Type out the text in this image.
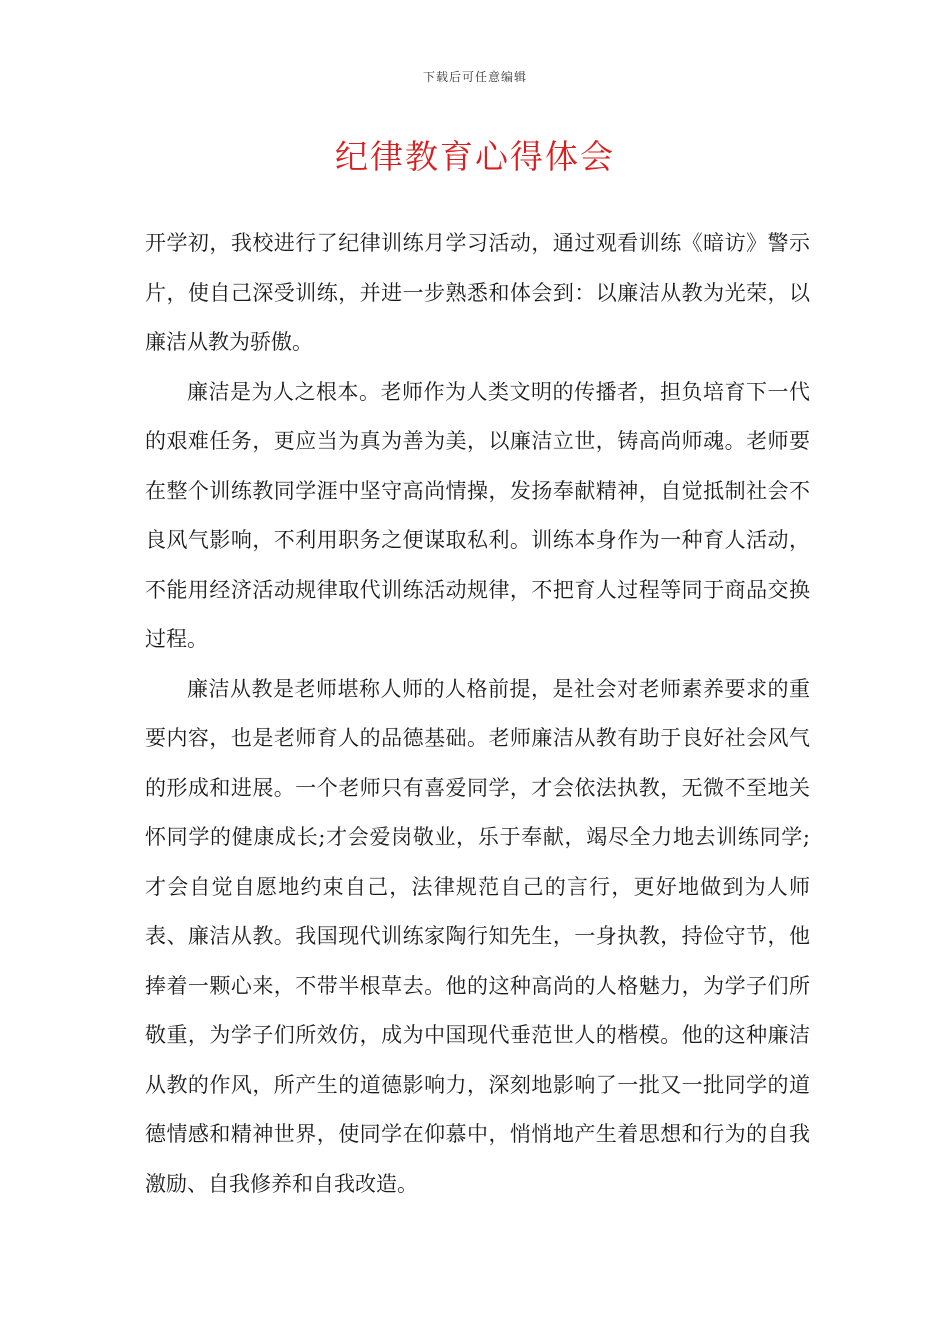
下载后可任意编辑
纪律教育心得体会

开学初，我校进行了纪律训练月学习活动，通过观看训练《暗访》警示片，使自己深受训练，并进一步熟悉和体会到：以廉洁从教为光荣，以廉洁从教为骄傲。

廉洁是为人之根本。老师作为人类文明的传播者，担负培育下一代的艰难任务，更应当为真为善为美，以廉洁立世，铸高尚师魂。老师要在整个训练教同学涯中坚守高尚情操，发扬奉献精神，自觉抵制社会不良风气影响，不利用职务之便谋取私利。训练本身作为一种育人活动，不能用经济活动规律取代训练活动规律，不把育人过程等同于商品交换过程。

廉洁从教是老师堪称人师的人格前提，是社会对老师素养要求的重要内容，也是老师育人的品德基础。老师廉洁从教有助于良好社会风气的形成和进展。一个老师只有喜爱同学，才会依法执教，无微不至地关怀同学的健康成长;才会爱岗敬业，乐于奉献，竭尽全力地去训练同学;才会自觉自愿地约束自己，法律规范自己的言行，更好地做到为人师表、廉洁从教。我国现代训练家陶行知先生，一身执教，持俭守节，他捧着一颗心来，不带半根草去。他的这种高尚的人格魅力，为学子们所敬重，为学子们所效仿，成为中国现代垂范世人的楷模。他的这种廉洁从教的作风，所产生的道德影响力，深刻地影响了一批又一批同学的道德情感和精神世界，使同学在仰慕中，悄悄地产生着思想和行为的自我激励、自我修养和自我改造。
